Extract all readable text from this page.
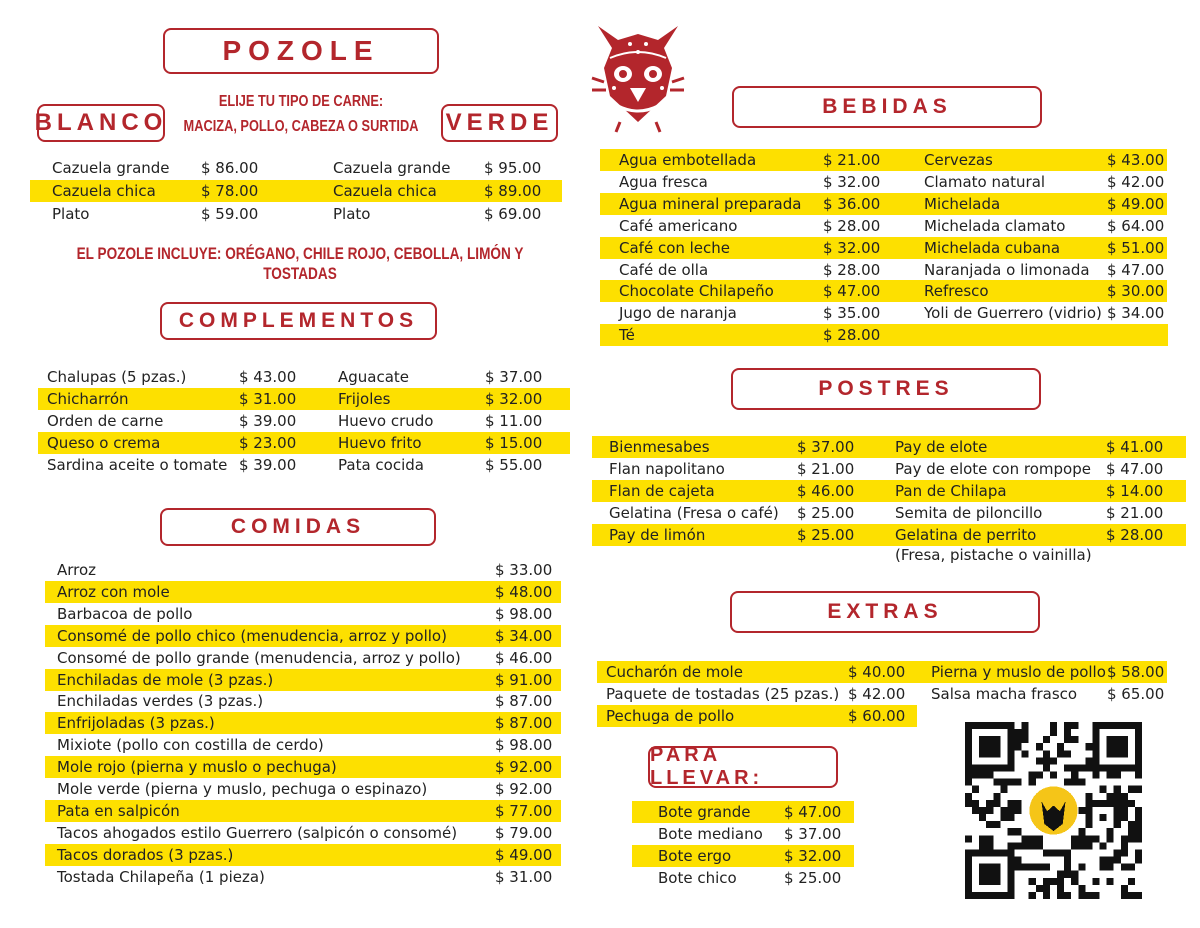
POZOLE
BLANCO	VERDE
ELIJE TU TIPO DE CARNE:
MACIZA, POLLO, CABEZA O SURTIDA
Cazuela grande $ 86.00	Cazuela grande $ 95.00
Cazuela chica	$ 78.00	Cazuela chica	$ 89.00
Plato	$ 59.00	Plato	$ 69.00
EL POZOLE INCLUYE: ORÉGANO, CHILE ROJO, CEBOLLA, LIMÓN Y TOSTADAS
COMPLEMENTOS
Chalupas (5 pzas.)	$ 43.00	Aguacate	$ 37.00
Chicharrón	$ 31.00	Frijoles	$ 32.00
Orden de carne	$ 39.00	Huevo crudo	$ 11.00
Queso o crema	$ 23.00	Huevo frito	$ 15.00
Sardina aceite o tomate $ 39.00	Pata cocida	$ 55.00
COMIDAS
Arroz	$ 33.00
Arroz con mole	$ 48.00
Barbacoa de pollo	$ 98.00
Consomé de pollo chico (menudencia, arroz y pollo)	$ 34.00
Consomé de pollo grande (menudencia, arroz y pollo) $ 46.00
Enchiladas de mole (3 pzas.)	$ 91.00
Enchiladas verdes (3 pzas.)	$ 87.00
Enfrijoladas (3 pzas.)	$ 87.00
Mixiote (pollo con costilla de cerdo)	$ 98.00
Mole rojo (pierna y muslo o pechuga)	$ 92.00
Mole verde (pierna y muslo, pechuga o espinazo)	$ 92.00
Pata en salpicón	$ 77.00
Tacos ahogados estilo Guerrero (salpicón o consomé)	$ 79.00
Tacos dorados (3 pzas.)	$ 49.00
Tostada Chilapeña (1 pieza)	$ 31.00
BEBIDAS
Agua embotellada	$ 21.00	Cervezas	$ 43.00
Agua fresca	$ 32.00	Clamato natural	$ 42.00
Agua mineral preparada $ 36.00	Michelada	$ 49.00
Café americano	$ 28.00	Michelada clamato	$ 64.00
Café con leche	$ 32.00	Michelada cubana	$ 51.00
Café de olla	$ 28.00	Naranjada o limonada $ 47.00
Chocolate Chilapeño	$ 47.00	Refresco	$ 30.00
Jugo de naranja	$ 35.00	Yoli de Guerrero (vidrio) $ 34.00
Té	$ 28.00
POSTRES
Bienmesabes	$ 37.00	Pay de elote	$ 41.00
Flan napolitano	$ 21.00	Pay de elote con rompope $ 47.00
Flan de cajeta	$ 46.00	Pan de Chilapa	$ 14.00
Gelatina (Fresa o café) $ 25.00	Semita de piloncillo	$ 21.00
Pay de limón	$ 25.00	Gelatina de perrito	$ 28.00
(Fresa, pistache o vainilla)
EXTRAS
Cucharón de mole	$ 40.00 Pierna y muslo de pollo $ 58.00
Paquete de tostadas (25 pzas.) $ 42.00 Salsa macha frasco $ 65.00
Pechuga de pollo	$ 60.00
PARA LLEVAR:
Bote grande $ 47.00
Bote mediano $ 37.00
Bote ergo	$ 32.00
Bote chico	$ 25.00
